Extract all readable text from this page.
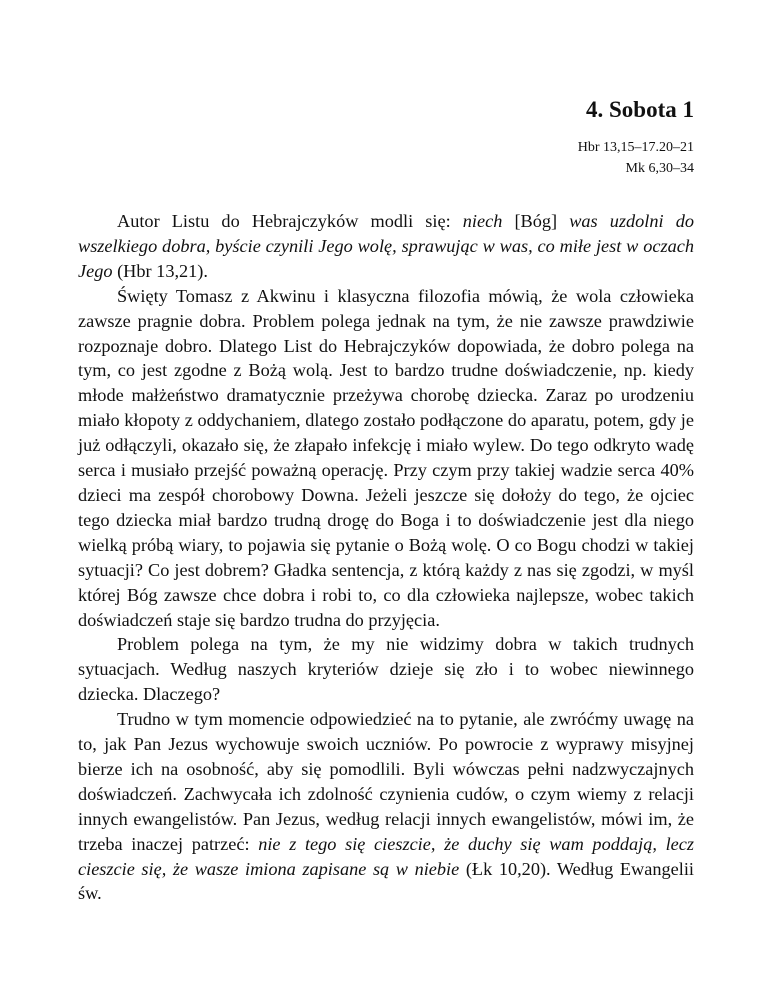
4. Sobota 1
Hbr 13,15–17.20–21
Mk 6,30–34

Autor Listu do Hebrajczyków modli się: niech [Bóg] was uzdolni do wszelkiego dobra, byście czynili Jego wolę, sprawując w was, co miłe jest w oczach Jego (Hbr 13,21).

Święty Tomasz z Akwinu i klasyczna filozofia mówią, że wola człowieka zawsze pragnie dobra. Problem polega jednak na tym, że nie zawsze prawdziwie rozpoznaje dobro. Dlatego List do Hebrajczyków dopowiada, że dobro polega na tym, co jest zgodne z Bożą wolą. Jest to bardzo trudne doświadczenie, np. kiedy młode małżeństwo dramatycznie przeżywa chorobę dziecka. Zaraz po urodzeniu miało kłopoty z oddychaniem, dlatego zostało podłączone do aparatu, potem, gdy je już odłączyli, okazało się, że złapało infekcję i miało wylew. Do tego odkryto wadę serca i musiało przejść poważną operację. Przy czym przy takiej wadzie serca 40% dzieci ma zespół chorobowy Downa. Jeżeli jeszcze się dołoży do tego, że ojciec tego dziecka miał bardzo trudną drogę do Boga i to doświadczenie jest dla niego wielką próbą wiary, to pojawia się pytanie o Bożą wolę. O co Bogu chodzi w takiej sytuacji? Co jest dobrem? Gładka sentencja, z którą każdy z nas się zgodzi, w myśl której Bóg zawsze chce dobra i robi to, co dla człowieka najlepsze, wobec takich doświadczeń staje się bardzo trudna do przyjęcia.

Problem polega na tym, że my nie widzimy dobra w takich trudnych sytuacjach. Według naszych kryteriów dzieje się zło i to wobec niewinnego dziecka. Dlaczego?

Trudno w tym momencie odpowiedzieć na to pytanie, ale zwróćmy uwagę na to, jak Pan Jezus wychowuje swoich uczniów. Po powrocie z wyprawy misyjnej bierze ich na osobność, aby się pomodlili. Byli wówczas pełni nadzwyczajnych doświadczeń. Zachwycała ich zdolność czynienia cudów, o czym wiemy z relacji innych ewangelistów. Pan Jezus, według relacji innych ewangelistów, mówi im, że trzeba inaczej patrzeć: nie z tego się cieszcie, że duchy się wam poddają, lecz cieszcie się, że wasze imiona zapisane są w niebie (Łk 10,20). Według Ewangelii św.
